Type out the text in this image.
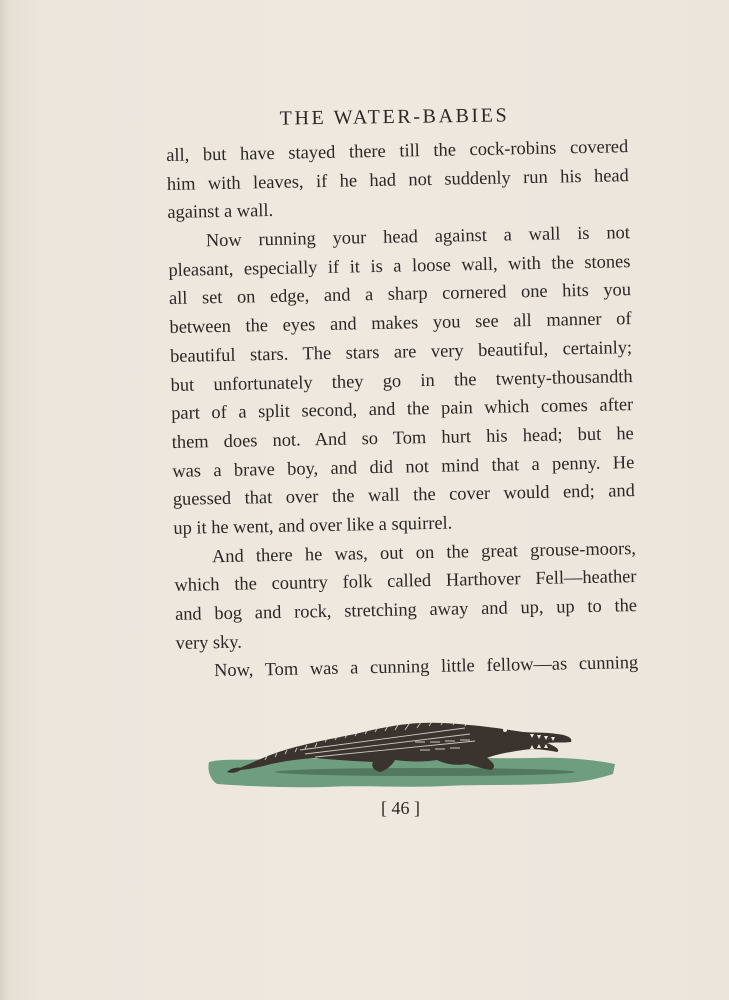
THE WATER-BABIES
all, but have stayed there till the cock-robins covered
him with leaves, if he had not suddenly run his head
against a wall.
Now running your head against a wall is not
pleasant, especially if it is a loose wall, with the stones
all set on edge, and a sharp cornered one hits you
between the eyes and makes you see all manner of
beautiful stars. The stars are very beautiful, certainly;
but unfortunately they go in the twenty-thousandth
part of a split second, and the pain which comes after
them does not. And so Tom hurt his head; but he
was a brave boy, and did not mind that a penny. He
guessed that over the wall the cover would end; and
up it he went, and over like a squirrel.
And there he was, out on the great grouse-moors,
which the country folk called Harthover Fell—heather
and bog and rock, stretching away and up, up to the
very sky.
Now, Tom was a cunning little fellow—as cunning
[ 46 ]
